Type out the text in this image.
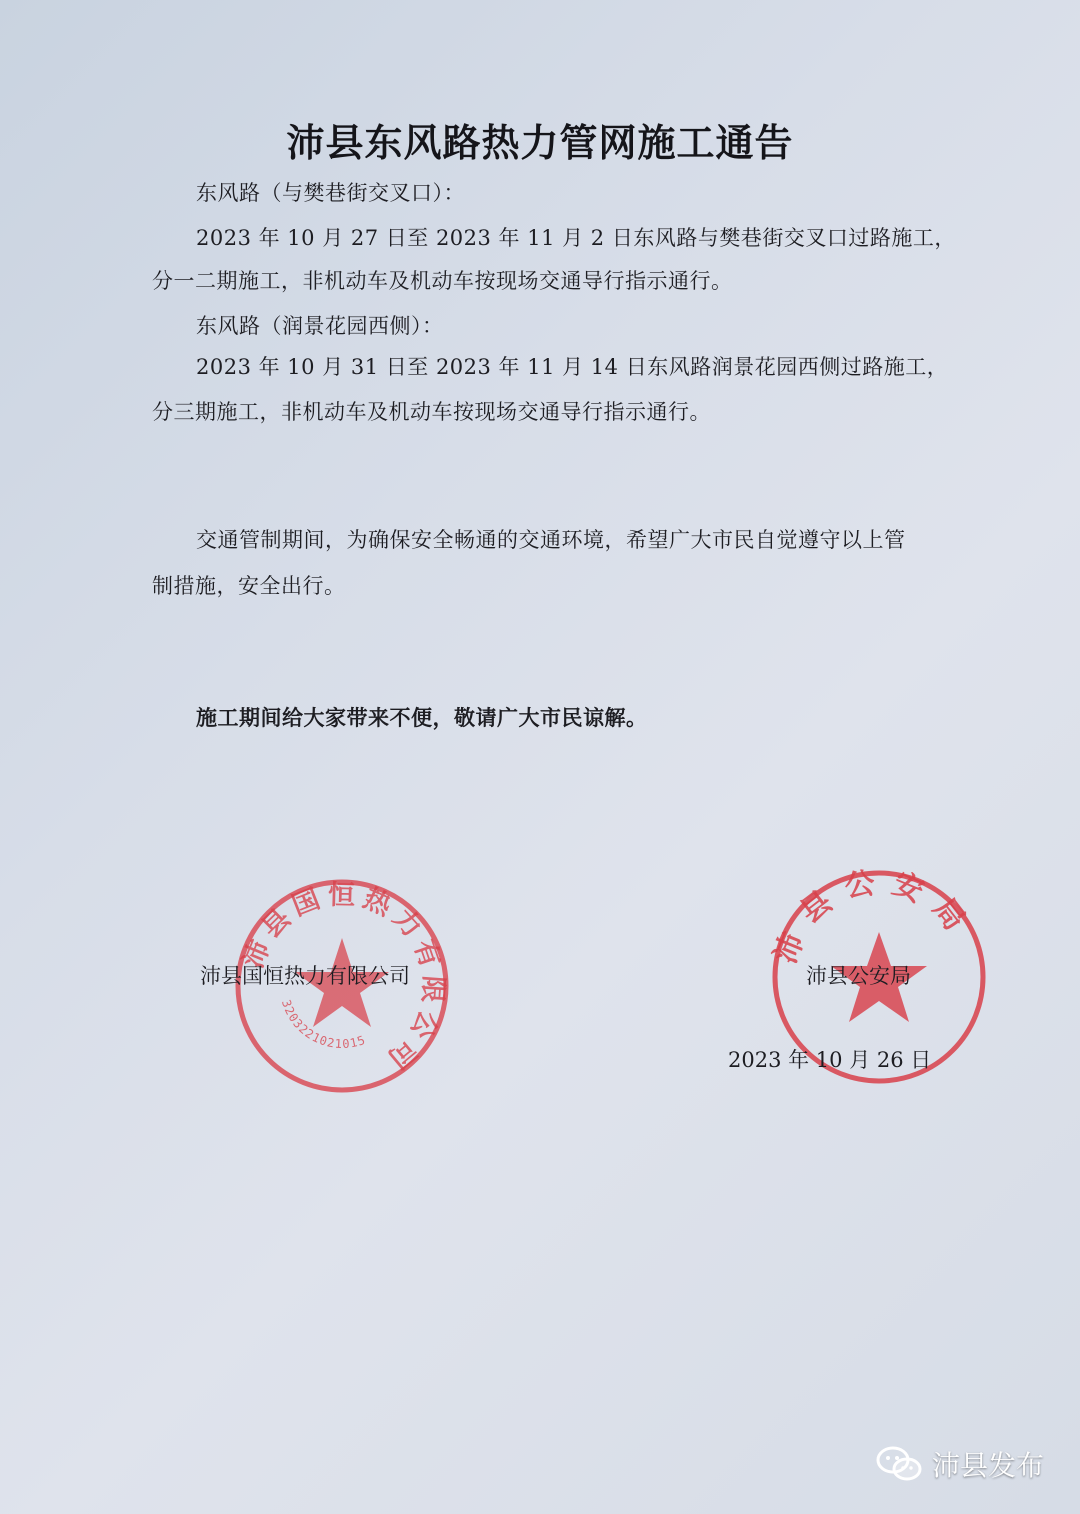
沛县东风路热力管网施工通告
东风路（与樊巷街交叉口）：
2023 年 10 月 27 日至 2023 年 11 月 2 日东风路与樊巷街交叉口过路施工，
分一二期施工，非机动车及机动车按现场交通导行指示通行。
东风路（润景花园西侧）：
2023 年 10 月 31 日至 2023 年 11 月 14 日东风路润景花园西侧过路施工，
分三期施工，非机动车及机动车按现场交通导行指示通行。
交通管制期间，为确保安全畅通的交通环境，希望广大市民自觉遵守以上管
制措施，安全出行。
施工期间给大家带来不便，敬请广大市民谅解。
沛县国恒热力有限公司
3203221021015
沛县公安局
沛县国恒热力有限公司	沛县公安局
2023 年 10 月 26 日
沛县发布
